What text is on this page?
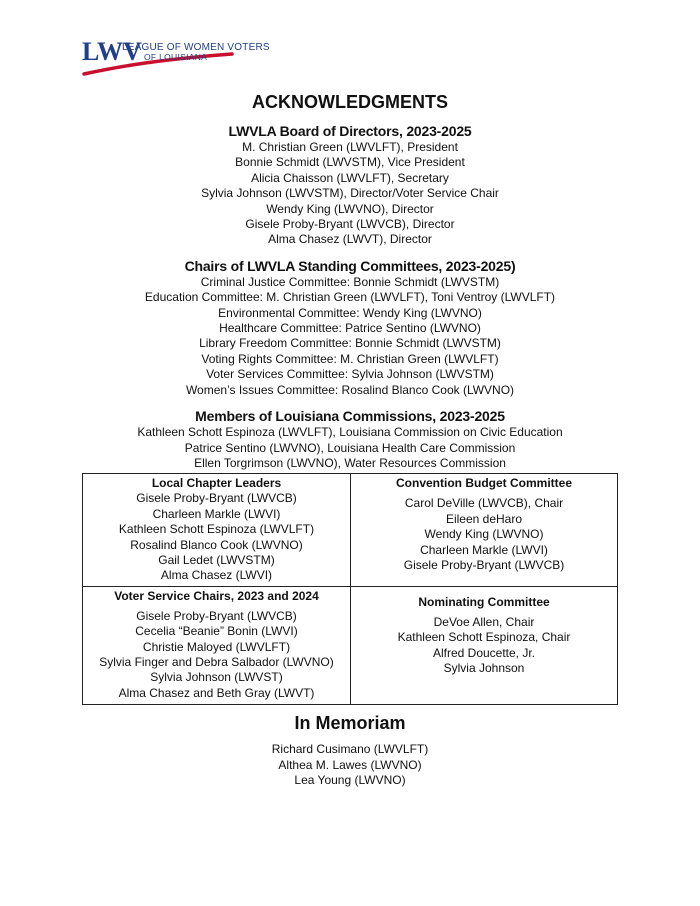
LWV
LEAGUE OF WOMEN VOTERS
OF LOUISIANA
ACKNOWLEDGMENTS
LWVLA Board of Directors, 2023-2025
M. Christian Green (LWVLFT), President
Bonnie Schmidt (LWVSTM), Vice President
Alicia Chaisson (LWVLFT), Secretary
Sylvia Johnson (LWVSTM), Director/Voter Service Chair
Wendy King (LWVNO), Director
Gisele Proby-Bryant (LWVCB), Director
Alma Chasez (LWVT), Director
Chairs of LWVLA Standing Committees, 2023-2025)
Criminal Justice Committee: Bonnie Schmidt (LWVSTM)
Education Committee: M. Christian Green (LWVLFT), Toni Ventroy (LWVLFT)
Environmental Committee: Wendy King (LWVNO)
Healthcare Committee: Patrice Sentino (LWVNO)
Library Freedom Committee: Bonnie Schmidt (LWVSTM)
Voting Rights Committee: M. Christian Green (LWVLFT)
Voter Services Committee: Sylvia Johnson (LWVSTM)
Women’s Issues Committee: Rosalind Blanco Cook (LWVNO)
Members of Louisiana Commissions, 2023-2025
Kathleen Schott Espinoza (LWVLFT), Louisiana Commission on Civic Education
Patrice Sentino (LWVNO), Louisiana Health Care Commission
Ellen Torgrimson (LWVNO), Water Resources Commission
Local Chapter Leaders
Gisele Proby-Bryant (LWVCB)
Charleen Markle (LWVI)
Kathleen Schott Espinoza (LWVLFT)
Rosalind Blanco Cook (LWVNO)
Gail Ledet (LWVSTM)
Alma Chasez (LWVI)
Convention Budget Committee
Carol DeVille (LWVCB), Chair
Eileen deHaro
Wendy King (LWVNO)
Charleen Markle (LWVI)
Gisele Proby-Bryant (LWVCB)
Voter Service Chairs, 2023 and 2024
Gisele Proby-Bryant (LWVCB)
Cecelia “Beanie” Bonin (LWVI)
Christie Maloyed (LWVLFT)
Sylvia Finger and Debra Salbador (LWVNO)
Sylvia Johnson (LWVST)
Alma Chasez and Beth Gray (LWVT)
Nominating Committee
DeVoe Allen, Chair
Kathleen Schott Espinoza, Chair
Alfred Doucette, Jr.
Sylvia Johnson
In Memoriam
Richard Cusimano (LWVLFT)
Althea M. Lawes (LWVNO)
Lea Young (LWVNO)
